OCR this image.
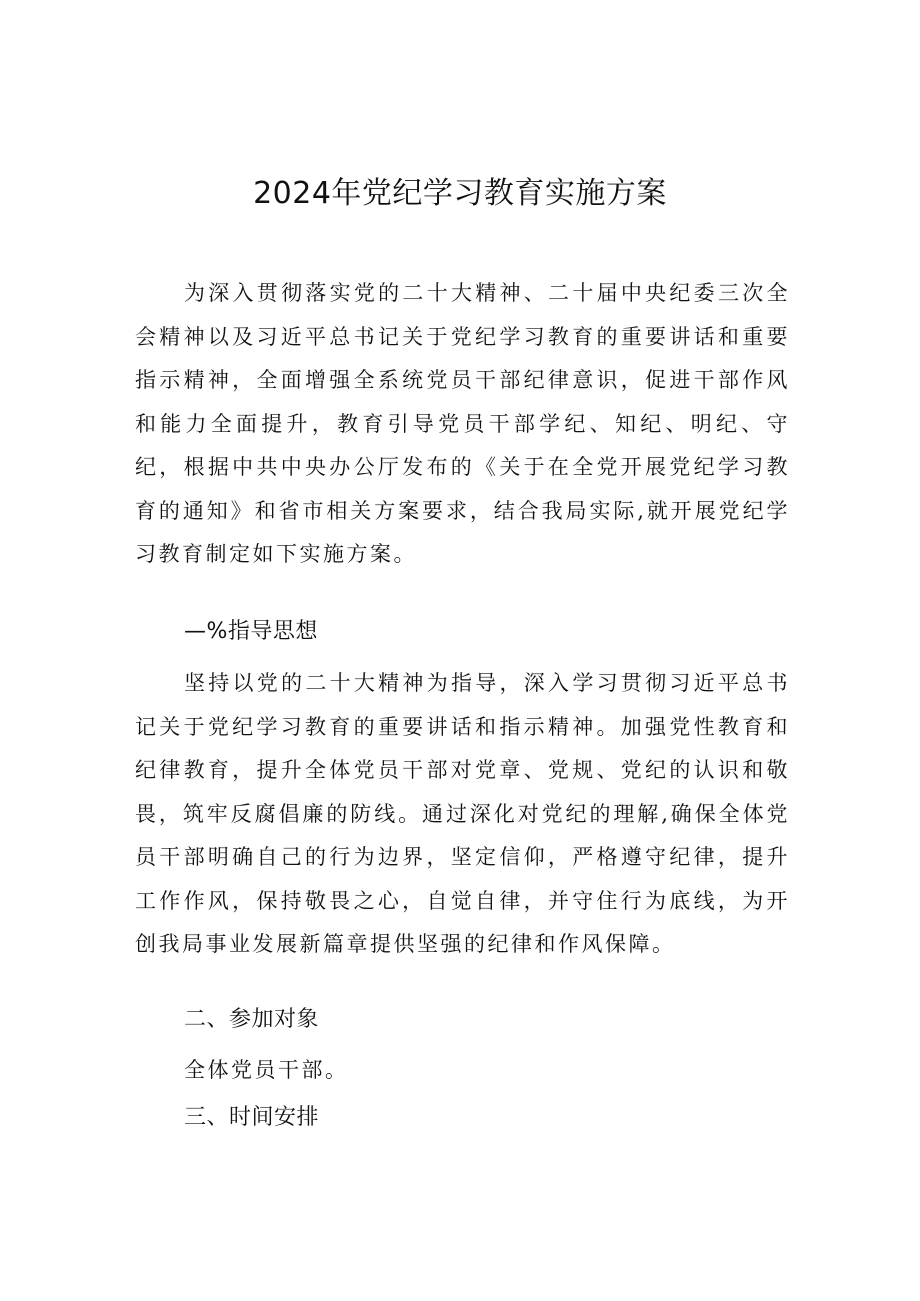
2024年党纪学习教育实施方案

为深入贯彻落实党的二十大精神、二十届中央纪委三次全会精神以及习近平总书记关于党纪学习教育的重要讲话和重要指示精神，全面增强全系统党员干部纪律意识，促进干部作风和能力全面提升，教育引导党员干部学纪、知纪、明纪、守纪，根据中共中央办公厅发布的《关于在全党开展党纪学习教育的通知》和省市相关方案要求，结合我局实际,就开展党纪学习教育制定如下实施方案。

—%指导思想

坚持以党的二十大精神为指导，深入学习贯彻习近平总书记关于党纪学习教育的重要讲话和指示精神。加强党性教育和纪律教育，提升全体党员干部对党章、党规、党纪的认识和敬畏，筑牢反腐倡廉的防线。通过深化对党纪的理解,确保全体党员干部明确自己的行为边界，坚定信仰，严格遵守纪律，提升工作作风，保持敬畏之心，自觉自律，并守住行为底线，为开创我局事业发展新篇章提供坚强的纪律和作风保障。

二、参加对象

全体党员干部。

三、时间安排
